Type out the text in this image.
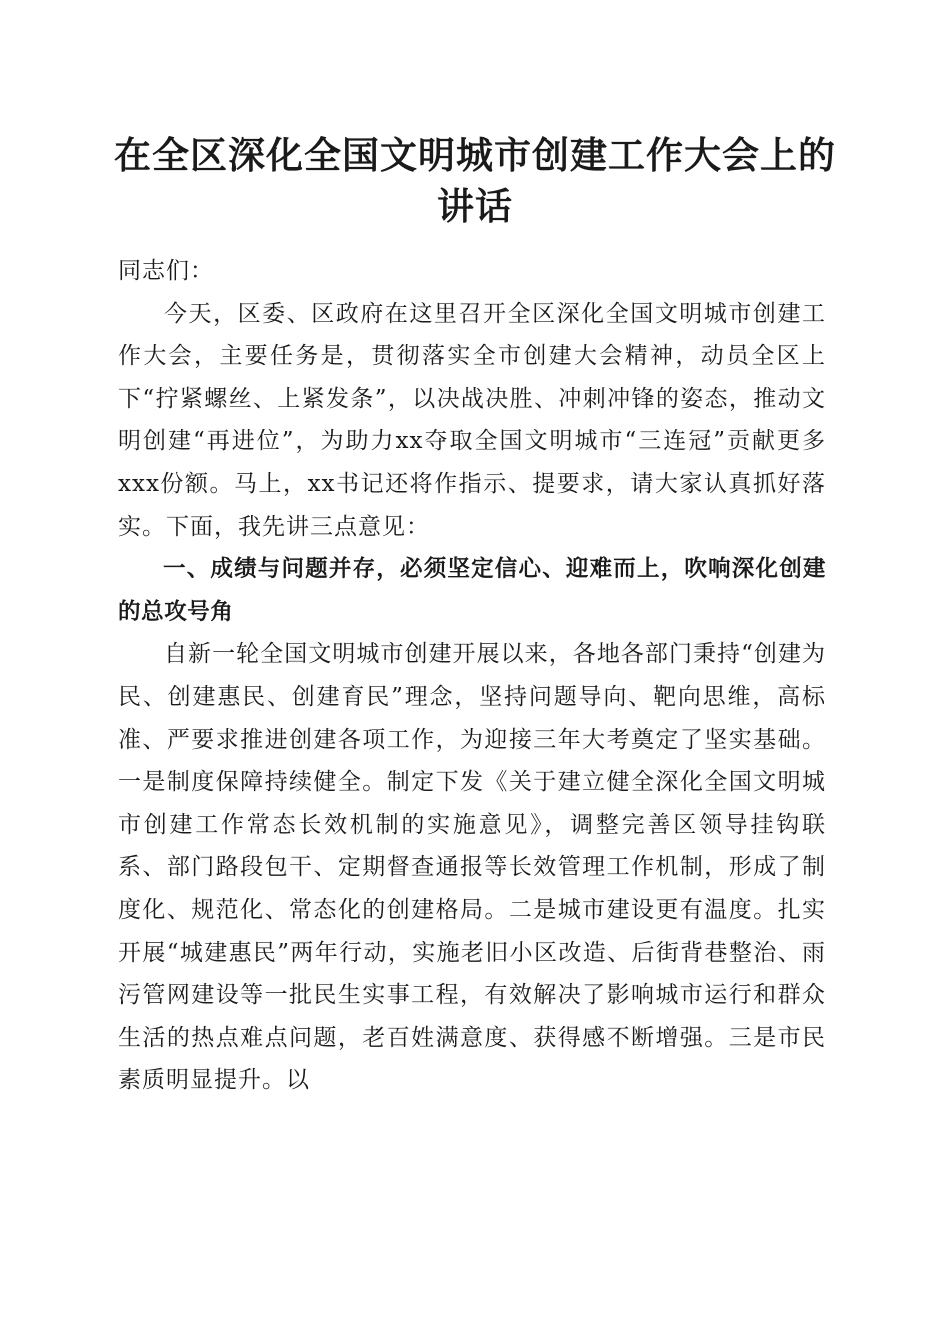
在全区深化全国文明城市创建工作大会上的讲话

同志们：

今天，区委、区政府在这里召开全区深化全国文明城市创建工作大会，主要任务是，贯彻落实全市创建大会精神，动员全区上下“拧紧螺丝、上紧发条”，以决战决胜、冲刺冲锋的姿态，推动文明创建“再进位”，为助力xx夺取全国文明城市“三连冠”贡献更多xxx份额。马上，xx书记还将作指示、提要求，请大家认真抓好落实。下面，我先讲三点意见：

一、成绩与问题并存，必须坚定信心、迎难而上，吹响深化创建的总攻号角

自新一轮全国文明城市创建开展以来，各地各部门秉持“创建为民、创建惠民、创建育民”理念，坚持问题导向、靶向思维，高标准、严要求推进创建各项工作，为迎接三年大考奠定了坚实基础。一是制度保障持续健全。制定下发《关于建立健全深化全国文明城市创建工作常态长效机制的实施意见》，调整完善区领导挂钩联系、部门路段包干、定期督查通报等长效管理工作机制，形成了制度化、规范化、常态化的创建格局。二是城市建设更有温度。扎实开展“城建惠民”两年行动，实施老旧小区改造、后街背巷整治、雨污管网建设等一批民生实事工程，有效解决了影响城市运行和群众生活的热点难点问题，老百姓满意度、获得感不断增强。三是市民素质明显提升。以
